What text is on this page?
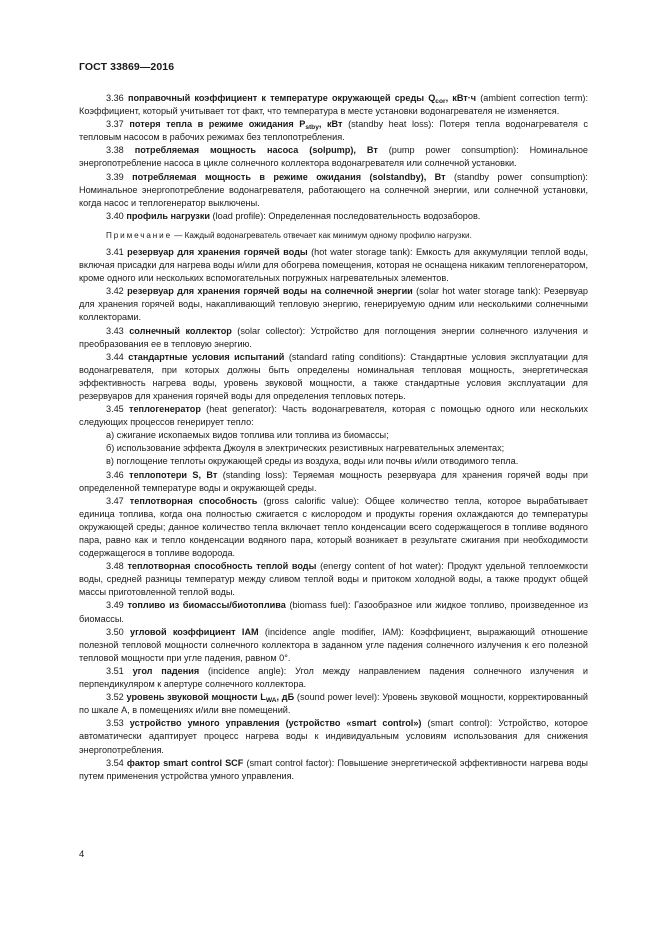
ГОСТ 33869—2016

3.36 поправочный коэффициент к температуре окружающей среды $Q_{cor}$, кВт·ч (ambient correction term): Коэффициент, который учитывает тот факт, что температура в месте установки водонагревателя не изменяется.

3.37 потеря тепла в режиме ожидания $P_{stby}$, кВт (standby heat loss): Потеря тепла водонагревателя с тепловым насосом в рабочих режимах без теплопотребления.

3.38 потребляемая мощность насоса (solpump), Вт (pump power consumption): Номинальное энергопотребление насоса в цикле солнечного коллектора водонагревателя или солнечной установки.

3.39 потребляемая мощность в режиме ожидания (solstandby), Вт (standby power consumption): Номинальное энергопотребление водонагревателя, работающего на солнечной энергии, или солнечной установки, когда насос и теплогенератор выключены.

3.40 профиль нагрузки (load profile): Определенная последовательность водозаборов.

Примечание — Каждый водонагреватель отвечает как минимум одному профилю нагрузки.

3.41 резервуар для хранения горячей воды (hot water storage tank): Емкость для аккумуляции теплой воды, включая присадки для нагрева воды и/или для обогрева помещения, которая не оснащена никаким теплогенератором, кроме одного или нескольких вспомогательных погружных нагревательных элементов.

3.42 резервуар для хранения горячей воды на солнечной энергии (solar hot water storage tank): Резервуар для хранения горячей воды, накапливающий тепловую энергию, генерируемую одним или несколькими солнечными коллекторами.

3.43 солнечный коллектор (solar collector): Устройство для поглощения энергии солнечного излучения и преобразования ее в тепловую энергию.

3.44 стандартные условия испытаний (standard rating conditions): Стандартные условия эксплуатации для водонагревателя, при которых должны быть определены номинальная тепловая мощность, энергетическая эффективность нагрева воды, уровень звуковой мощности, а также стандартные условия эксплуатации для резервуаров для хранения горячей воды для определения тепловых потерь.

3.45 теплогенератор (heat generator): Часть водонагревателя, которая с помощью одного или нескольких следующих процессов генерирует тепло:

а) сжигание ископаемых видов топлива или топлива из биомассы;

б) использование эффекта Джоуля в электрических резистивных нагревательных элементах;

в) поглощение теплоты окружающей среды из воздуха, воды или почвы и/или отводимого тепла.

3.46 теплопотери S, Вт (standing loss): Теряемая мощность резервуара для хранения горячей воды при определенной температуре воды и окружающей среды.

3.47 теплотворная способность (gross calorific value): Общее количество тепла, которое вырабатывает единица топлива, когда она полностью сжигается с кислородом и продукты горения охлаждаются до температуры окружающей среды; данное количество тепла включает тепло конденсации всего содержащегося в топливе водяного пара, равно как и тепло конденсации водяного пара, который возникает в результате сжигания при необходимости содержащегося в топливе водорода.

3.48 теплотворная способность теплой воды (energy content of hot water): Продукт удельной теплоемкости воды, средней разницы температур между сливом теплой воды и притоком холодной воды, а также продукт общей массы приготовленной теплой воды.

3.49 топливо из биомассы/биотоплива (biomass fuel): Газообразное или жидкое топливо, произведенное из биомассы.

3.50 угловой коэффициент IAM (incidence angle modifier, IAM): Коэффициент, выражающий отношение полезной тепловой мощности солнечного коллектора в заданном угле падения солнечного излучения к его полезной тепловой мощности при угле падения, равном 0°.

3.51 угол падения (incidence angle): Угол между направлением падения солнечного излучения и перпендикуляром к апертуре солнечного коллектора.

3.52 уровень звуковой мощности $L_{WA}$, дБ (sound power level): Уровень звуковой мощности, корректированный по шкале А, в помещениях и/или вне помещений.

3.53 устройство умного управления (устройство «smart control») (smart control): Устройство, которое автоматически адаптирует процесс нагрева воды к индивидуальным условиям использования для снижения энергопотребления.

3.54 фактор smart control SCF (smart control factor): Повышение энергетической эффективности нагрева воды путем применения устройства умного управления.

4
